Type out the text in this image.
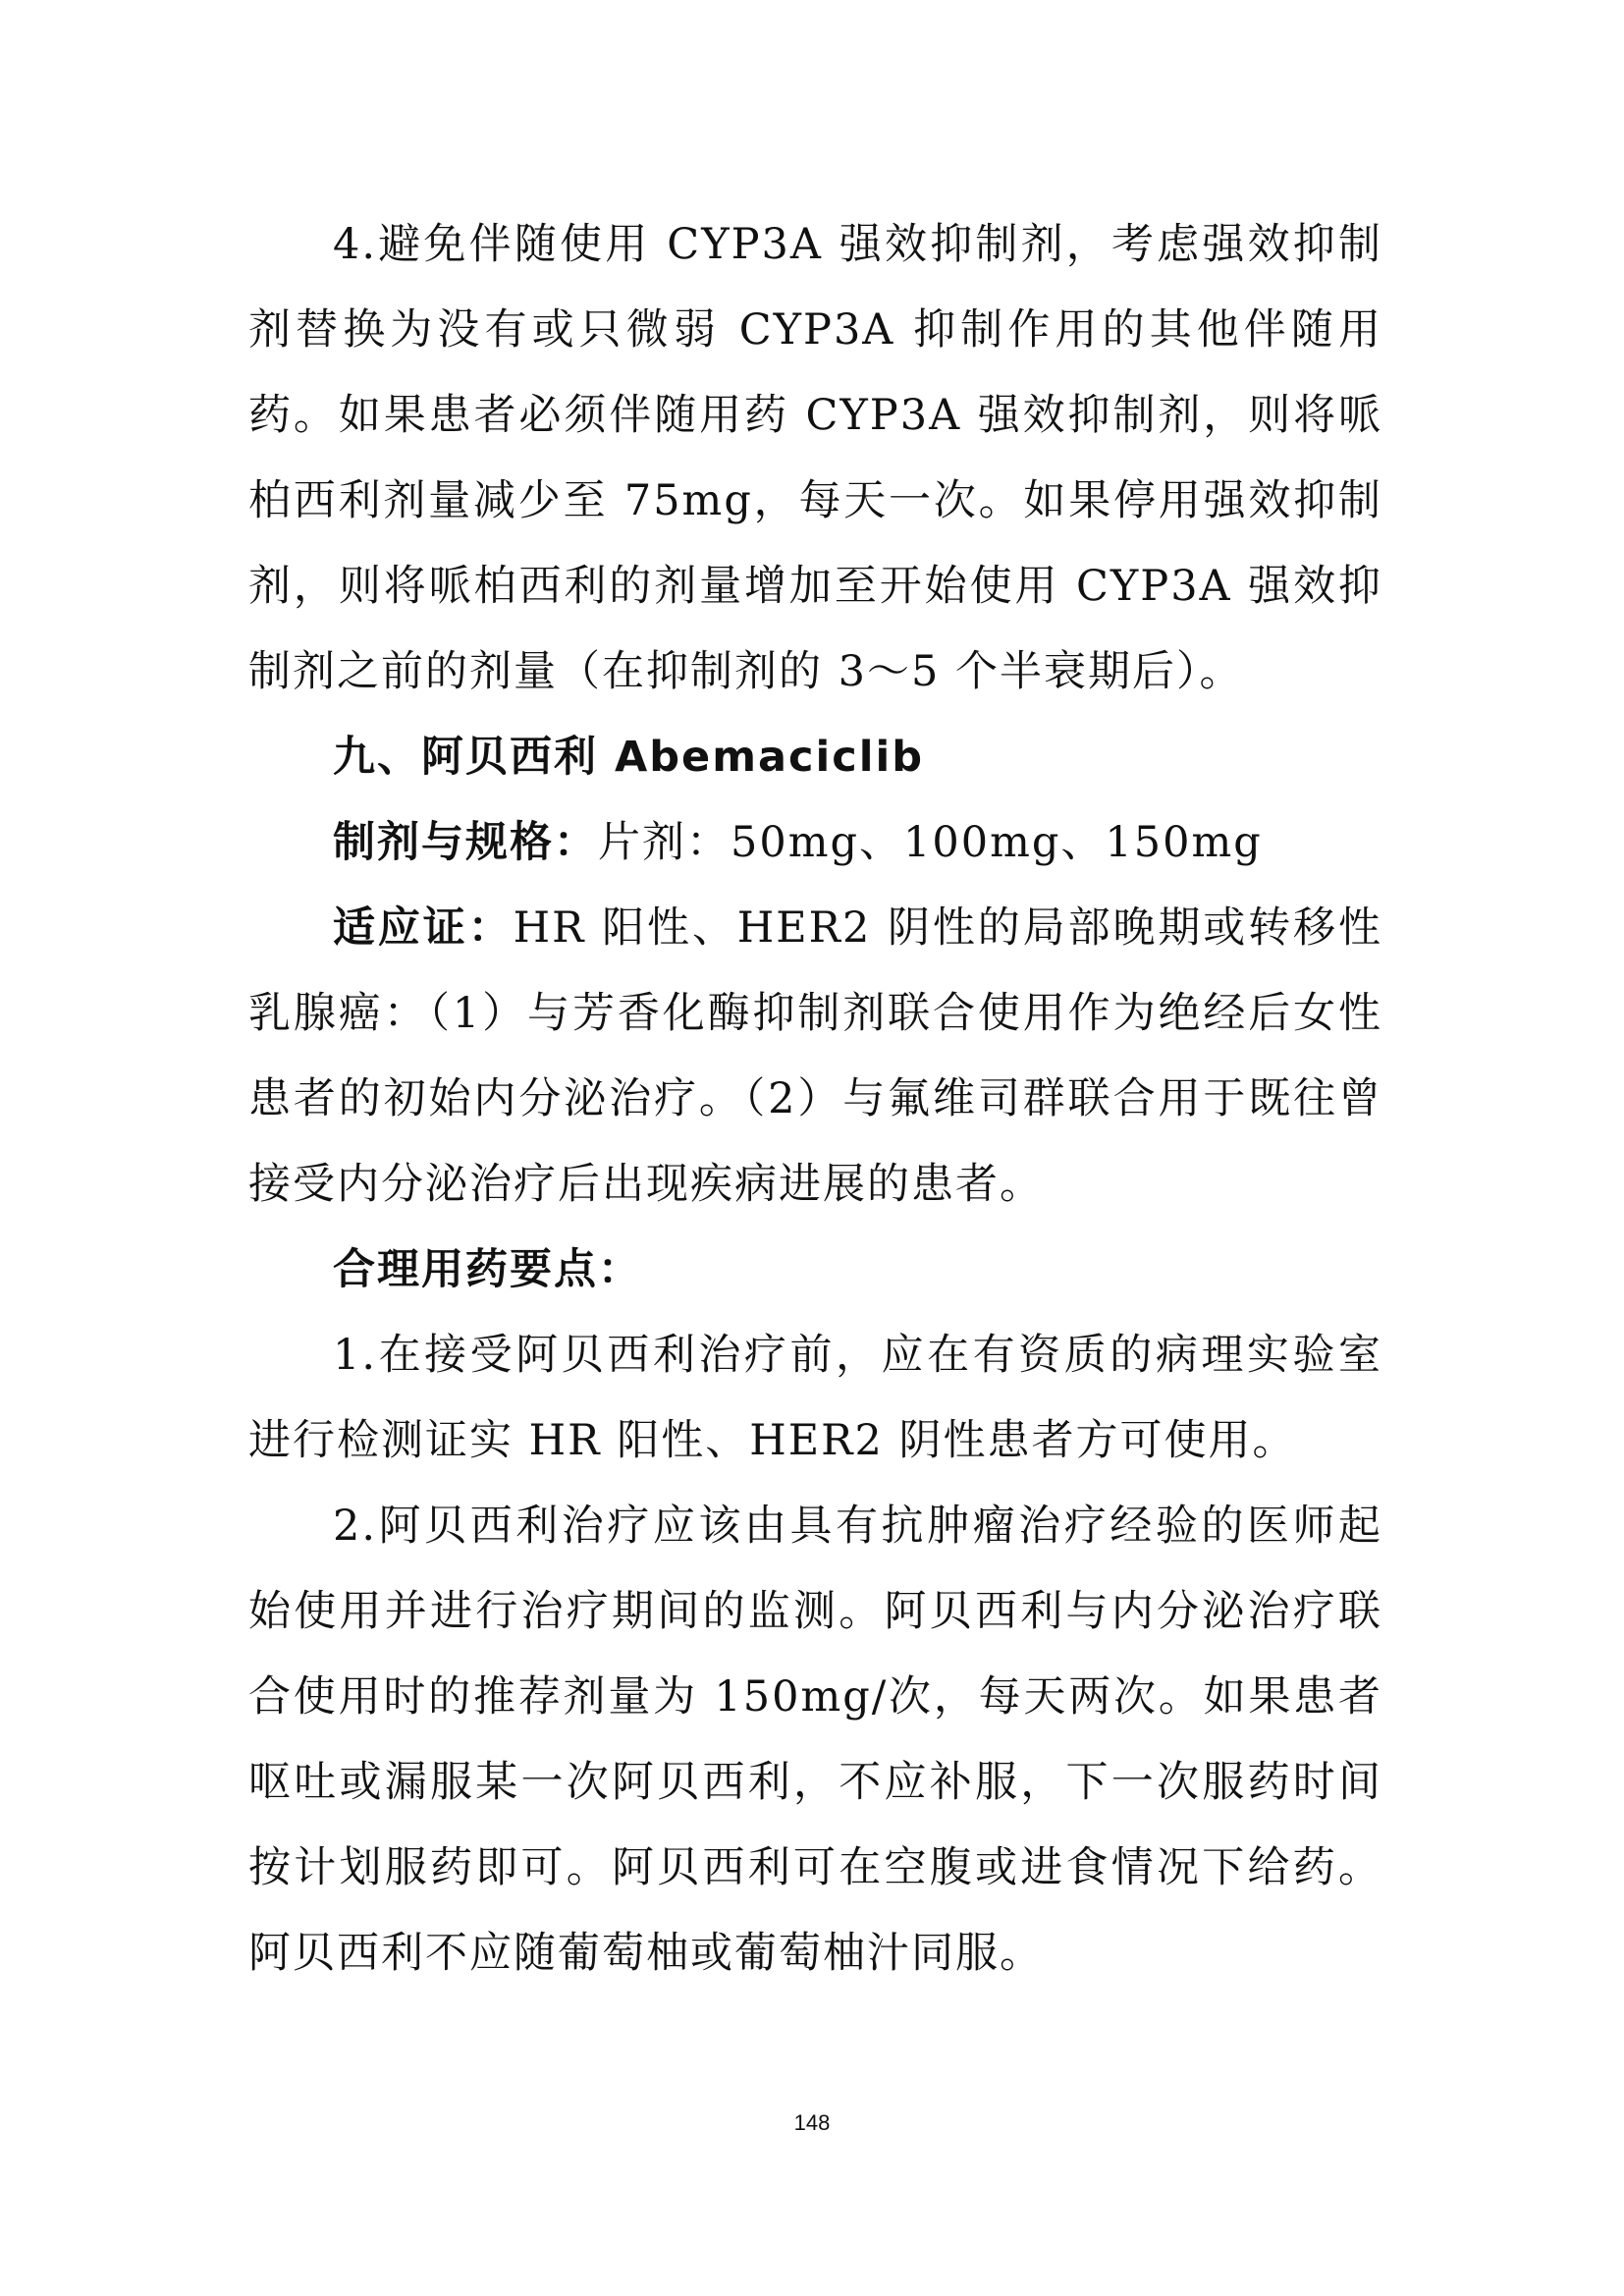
4.避免伴随使用 CYP3A 强效抑制剂，考虑强效抑制剂替换为没有或只微弱 CYP3A 抑制作用的其他伴随用药。如果患者必须伴随用药 CYP3A 强效抑制剂，则将哌柏西利剂量减少至 75mg，每天一次。如果停用强效抑制剂，则将哌柏西利的剂量增加至开始使用 CYP3A 强效抑制剂之前的剂量（在抑制剂的 3～5 个半衰期后）。

九、阿贝西利 Abemaciclib

制剂与规格：片剂：50mg、100mg、150mg

适应证：HR 阳性、HER2 阴性的局部晚期或转移性乳腺癌：（1）与芳香化酶抑制剂联合使用作为绝经后女性患者的初始内分泌治疗。（2）与氟维司群联合用于既往曾接受内分泌治疗后出现疾病进展的患者。

合理用药要点：

1.在接受阿贝西利治疗前，应在有资质的病理实验室进行检测证实 HR 阳性、HER2 阴性患者方可使用。

2.阿贝西利治疗应该由具有抗肿瘤治疗经验的医师起始使用并进行治疗期间的监测。阿贝西利与内分泌治疗联合使用时的推荐剂量为 150mg/次，每天两次。如果患者呕吐或漏服某一次阿贝西利，不应补服，下一次服药时间按计划服药即可。阿贝西利可在空腹或进食情况下给药。阿贝西利不应随葡萄柚或葡萄柚汁同服。

148
